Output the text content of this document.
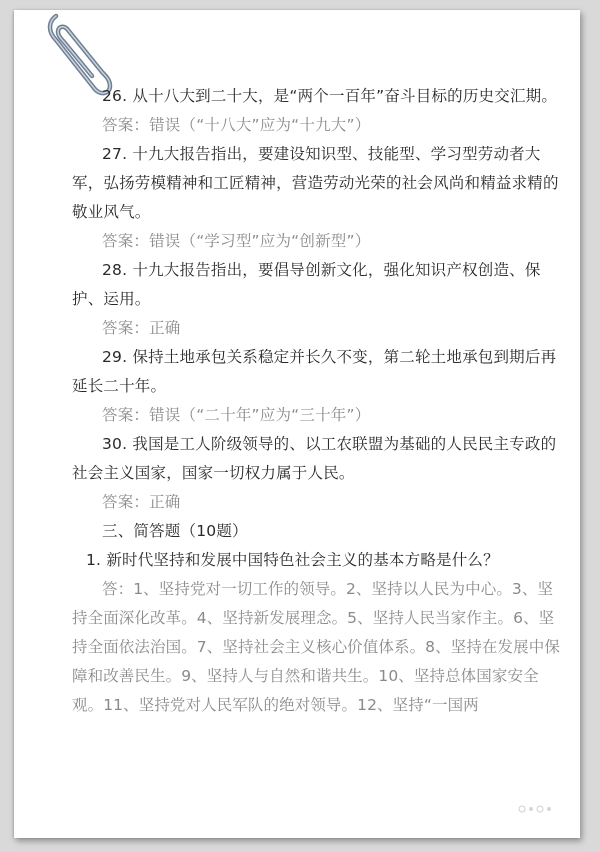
26. 从十八大到二十大，是“两个一百年”奋斗目标的历史交汇期。
答案：错误（“十八大”应为“十九大”）
27. 十九大报告指出，要建设知识型、技能型、学习型劳动者大军，弘扬劳模精神和工匠精神，营造劳动光荣的社会风尚和精益求精的敬业风气。
答案：错误（“学习型”应为“创新型”）
28. 十九大报告指出，要倡导创新文化，强化知识产权创造、保护、运用。
答案：正确
29. 保持土地承包关系稳定并长久不变，第二轮土地承包到期后再延长二十年。
答案：错误（“二十年”应为“三十年”）
30. 我国是工人阶级领导的、以工农联盟为基础的人民民主专政的社会主义国家，国家一切权力属于人民。
答案：正确
三、简答题（10题）
1. 新时代坚持和发展中国特色社会主义的基本方略是什么？
答：1、坚持党对一切工作的领导。2、坚持以人民为中心。3、坚持全面深化改革。4、坚持新发展理念。5、坚持人民当家作主。6、坚持全面依法治国。7、坚持社会主义核心价值体系。8、坚持在发展中保障和改善民生。9、坚持人与自然和谐共生。10、坚持总体国家安全观。11、坚持党对人民军队的绝对领导。12、坚持“一国两
